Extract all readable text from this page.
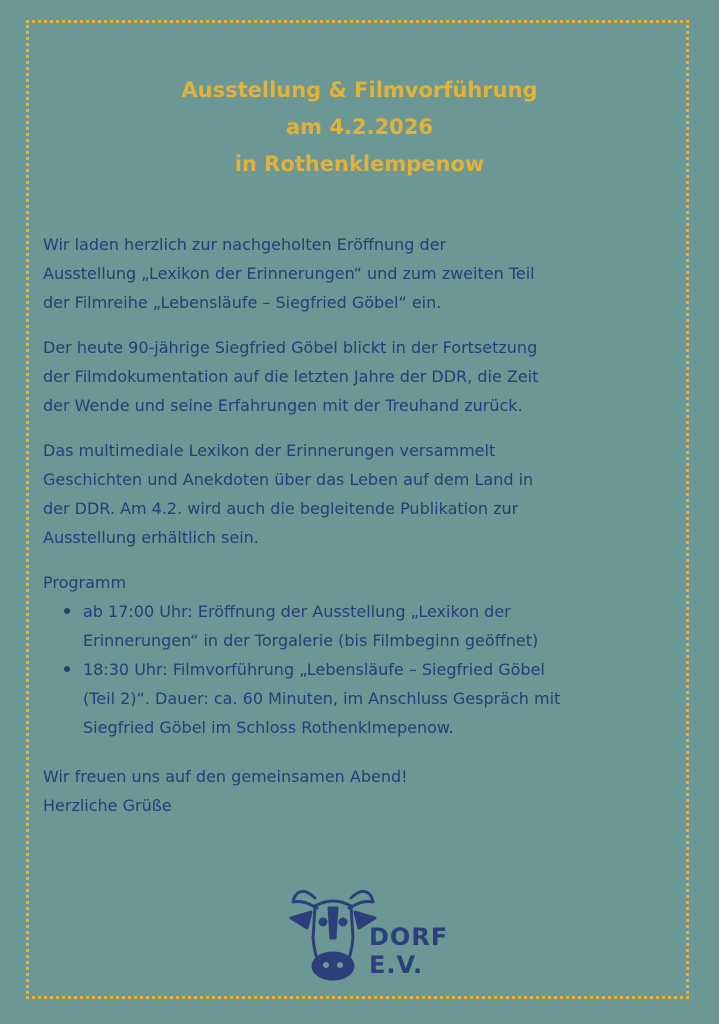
Ausstellung & Filmvorführung
am 4.2.2026
in Rothenklempenow

Wir laden herzlich zur nachgeholten Eröffnung der
Ausstellung „Lexikon der Erinnerungen“ und zum zweiten Teil
der Filmreihe „Lebensläufe – Siegfried Göbel“ ein.

Der heute 90-jährige Siegfried Göbel blickt in der Fortsetzung
der Filmdokumentation auf die letzten Jahre der DDR, die Zeit
der Wende und seine Erfahrungen mit der Treuhand zurück.

Das multimediale Lexikon der Erinnerungen versammelt
Geschichten und Anekdoten über das Leben auf dem Land in
der DDR. Am 4.2. wird auch die begleitende Publikation zur
Ausstellung erhältlich sein.

Programm
ab 17:00 Uhr: Eröffnung der Ausstellung „Lexikon der
Erinnerungen“ in der Torgalerie (bis Filmbeginn geöffnet)
18:30 Uhr: Filmvorführung „Lebensläufe – Siegfried Göbel
(Teil 2)“. Dauer: ca. 60 Minuten, im Anschluss Gespräch mit
Siegfried Göbel im Schloss Rothenklmepenow.
Wir freuen uns auf den gemeinsamen Abend!
Herzliche Grüße
DORF
E.V.
